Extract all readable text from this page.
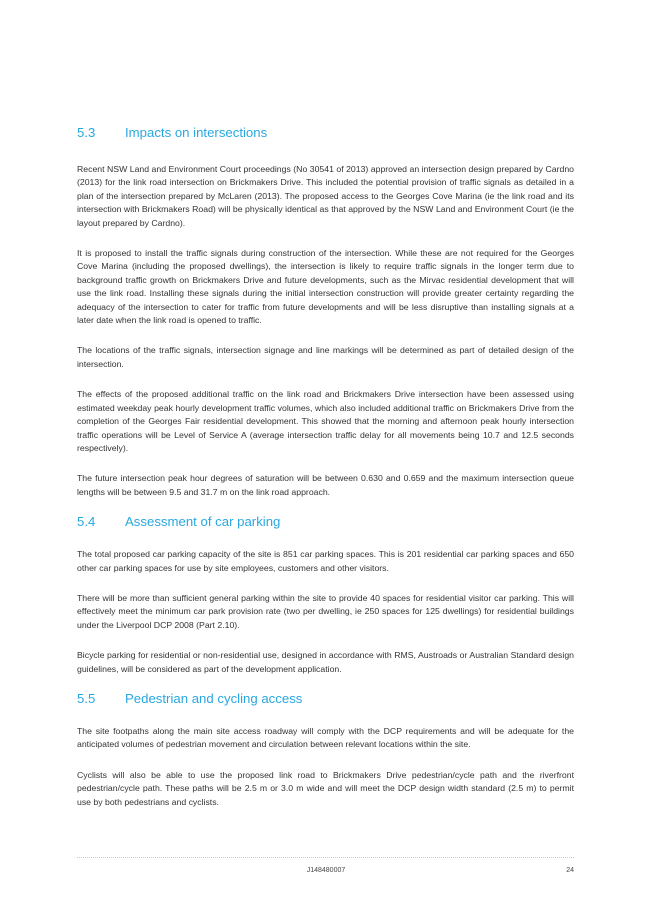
5.3	Impacts on intersections

Recent NSW Land and Environment Court proceedings (No 30541 of 2013) approved an intersection design prepared by Cardno (2013) for the link road intersection on Brickmakers Drive. This included the potential provision of traffic signals as detailed in a plan of the intersection prepared by McLaren (2013). The proposed access to the Georges Cove Marina (ie the link road and its intersection with Brickmakers Road) will be physically identical as that approved by the NSW Land and Environment Court (ie the layout prepared by Cardno).

It is proposed to install the traffic signals during construction of the intersection. While these are not required for the Georges Cove Marina (including the proposed dwellings), the intersection is likely to require traffic signals in the longer term due to background traffic growth on Brickmakers Drive and future developments, such as the Mirvac residential development that will use the link road. Installing these signals during the initial intersection construction will provide greater certainty regarding the adequacy of the intersection to cater for traffic from future developments and will be less disruptive than installing signals at a later date when the link road is opened to traffic.

The locations of the traffic signals, intersection signage and line markings will be determined as part of detailed design of the intersection.

The effects of the proposed additional traffic on the link road and Brickmakers Drive intersection have been assessed using estimated weekday peak hourly development traffic volumes, which also included additional traffic on Brickmakers Drive from the completion of the Georges Fair residential development. This showed that the morning and afternoon peak hourly intersection traffic operations will be Level of Service A (average intersection traffic delay for all movements being 10.7 and 12.5 seconds respectively).

The future intersection peak hour degrees of saturation will be between 0.630 and 0.659 and the maximum intersection queue lengths will be between 9.5 and 31.7 m on the link road approach.

5.4	Assessment of car parking

The total proposed car parking capacity of the site is 851 car parking spaces. This is 201 residential car parking spaces and 650 other car parking spaces for use by site employees, customers and other visitors.

There will be more than sufficient general parking within the site to provide 40 spaces for residential visitor car parking. This will effectively meet the minimum car park provision rate (two per dwelling, ie 250 spaces for 125 dwellings) for residential buildings under the Liverpool DCP 2008 (Part 2.10).

Bicycle parking for residential or non-residential use, designed in accordance with RMS, Austroads or Australian Standard design guidelines, will be considered as part of the development application.

5.5	Pedestrian and cycling access

The site footpaths along the main site access roadway will comply with the DCP requirements and will be adequate for the anticipated volumes of pedestrian movement and circulation between relevant locations within the site.

Cyclists will also be able to use the proposed link road to Brickmakers Drive pedestrian/cycle path and the riverfront pedestrian/cycle path. These paths will be 2.5 m or 3.0 m wide and will meet the DCP design width standard (2.5 m) to permit use by both pedestrians and cyclists.

J148480007	24
